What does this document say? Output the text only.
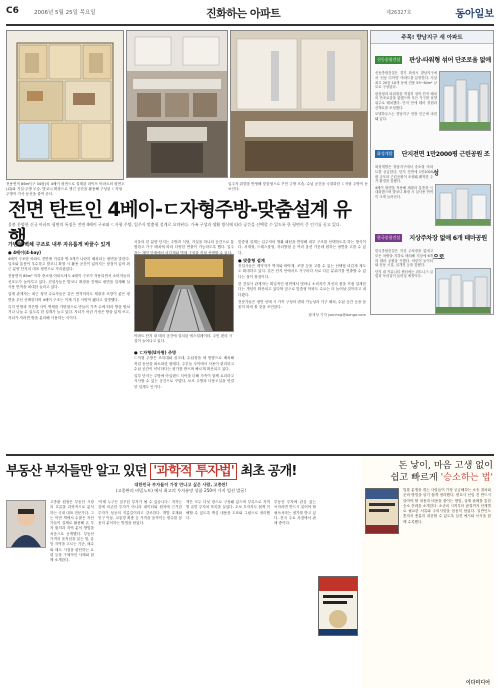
C6	2006년 5월 25일 목요일	진화하는 아파트	제26327호	동아일보
전용면적 86m²(구 34평)의 4베이 평면으로 설계된 라이프 아파트의 평면도(위)와 거실·주방 모습. 발코니 확장으로 생긴 공간을 활용해 구성된 ㄷ자형 주방이 가사 동선을 줄여 준다.
입주자 취향을 반영해 맞춤형으로 꾸민 주방 모습. 수납 공간을 극대화한 ㄷ자형 주방이 돋보인다.
아파트 단지 내 테마 공간에 설치된 에스컬레이터. 주민 편의 시설이 늘어나고 있다.
전면 탄트인 4베이-ㄷ자형주방-맞춤설계 유행
올봄 분양한 신규 아파트 평면의 특징은 전면 4베이 구조와 ㄷ자형 주방, 입주자 맞춤형 설계로 요약된다. 가족 구성과 생활 방식에 따라 공간을 선택할 수 있도록 한 평면이 큰 인기를 끌고 있다.
가변형 벽체 구조로 내부 자유롭게 바꿀수 있게
● 4베이(4-bay)

4베이 구조란 아파트 전면에 거실과 방 3개가 나란히 배치되는 평면을 말한다. 일조와 통풍이 우수하고 발코니 확장 시 활용 공간이 넓어지는 장점이 있어 최근 분양 단지의 대표 평면으로 자리잡았다.

전용면적 85m² 이하 중소형 아파트에도 4베이 구조가 적용되면서 소비자들의 선호도가 높아지고 있다. 건설사들은 발코니 확장을 전제로 평면을 설계해 실사용 면적을 최대한 늘리고 있다.

업계 관계자는 최근 청약 수요자들은 같은 면적이라도 채광과 조망이 좋은 평면을 우선 선택한다며 4베이 구조는 이제 기본 사양이 됐다고 설명했다.

특히 안방과 작은방 사이 벽체를 가변형으로 만들어 가족 수에 따라 방을 합치거나 나눌 수 있도록 한 설계가 늘고 있다. 자녀가 어린 가정은 방을 넓게 쓰고, 자녀가 자라면 방을 분리해 사용하는 식이다.

서울의 한 분양 단지는 주방과 식당, 거실을 하나의 공간으로 통합하고 가구 배치에 따라 다양한 연출이 가능하도록 했다. 입주자는 계약 단계에서 마감재와 벽체 구성을 직접 선택할 수 있다.

● ㄷ자형(U자형) 주방

ㄷ자형 주방은 조리대와 싱크대, 수납장을 세 방향으로 배치해 작업 동선을 최소화한 형태다. 주부들 사이에서 사용이 편리하고 수납 공간이 넉넉하다는 평가를 받으며 빠르게 확산되고 있다.

일부 단지는 주방에 아일랜드 식탁을 더해 가족이 함께 요리하고 식사할 수 있는 공간으로 꾸몄다. 보조 주방과 다용도실을 연결한 설계도 인기다.

맞춤형 설계는 입주자의 생활 패턴을 반영해 내부 구조를 선택하도록 하는 방식이다. 서재형, 드레스룸형, 자녀방형 등 여러 옵션 가운데 원하는 평면을 고를 수 있다.

● 맞춤형 설계

건설사들은 계약자가 벽지와 바닥재, 조명 등을 고를 수 있는 선택형 마감재 제도도 확대하고 있다. 같은 단지 안에서도 가구마다 서로 다른 분위기를 연출할 수 있다는 점이 장점이다.

한 건설사 관계자는 획일적인 평면에서 벗어나 소비자가 자신의 집을 직접 설계한다는 개념이 확산되고 있다며 앞으로 맞춤형 아파트 수요는 더 늘어날 것이라고 내다봤다.

전문가들은 평면 선택 시 가족 구성의 변화 가능성과 가구 배치, 수납 공간 등을 꼼꼼히 따져 볼 것을 조언한다.

황재성 기자 jsonhng@donga.com

주목! 향남지구 새 아파트
신동종합건설 판상-타워형 섞어 단조로움 없애

신동종합건설은 경기 화성시 향남지구에서 '신동 디아망' 아파트를 분양한다. 지상 최고 20층 10개 동에 전용 59~84m² 규모로 구성된다.

판상형과 타워형을 적절히 섞어 단지 배치의 단조로움을 없앴으며 모든 가구를 남향 위주로 배치했다. 단지 안에 테마 정원과 산책로를 조성했다.

모델하우스는 향남지구 현장 인근에 마련돼 있다.

화성개발 단지전면 1만2000평 근린공원 조성

화성개발은 향남지구에서 중소형 아파트를 공급한다. 단지 전면에 1만2000평 규모의 근린공원이 조성돼 쾌적한 주거 환경을 갖췄다.

4베이 평면을 적용해 채광과 통풍을 극대화했으며 발코니 확장 시 실사용 면적이 크게 늘어난다.

한국종합건설 지상주차장 없애 6개 테마공원으로

한국종합건설은 지상 주차장을 없애고 모든 차량을 지하로 배치해 지상에 6개의 테마 공원을 꾸몄다. 어린이 놀이터와 운동 시설, 실개천 등을 갖췄다.

단지 내 커뮤니티 센터에는 피트니스 클럽과 독서실이 들어설 예정이다.

부동산 부자들만 알고 있던 '과학적 투자법' 최초 공개!
대한민국 부자들이 가장 만나고 싶은 사람, 고종완!
(고종완의 비밀노트) 에서 최고의 투자유망 상품 250여 가지 엄선 발굴!
고종완 원장은 부동산 시장의 흐름을 과학적으로 분석하는 국내 대표 전문가다. 그는 이번 책에서 수많은 자산가들이 실제로 활용해 온 투자 원칙과 지역 분석 방법을 처음으로 공개했다. 부동산 가격의 움직임을 읽는 법, 유망 지역을 고르는 기준, 매수와 매도 시점을 판단하는 요령 등을 구체적인 사례와 함께 소개한다.
'이제 누구든 꿈꾸던 부자가 될 수 있습니다.' 저자는 감에 의존한 투자가 아니라 데이터와 원칙에 근거한 투자가 성공의 지름길이라고 강조한다. 개발 호재와 인구 이동, 교통망 확충 등 가격을 움직이는 변수를 꼼꼼히 분석하는 방법을 담았다.
책은 모두 다섯 장으로 구성돼 있으며 부록으로 지역별 유망 투자처 목록을 실었다. 초보 투자자도 쉽게 이해할 수 있도록 핵심 내용을 도표와 그림으로 정리했다.
부동산 투자에 관심 있는 독자라면 반드시 읽어야 할 필독서라는 평가를 받고 있다. 전국 주요 서점에서 판매 중이다.
돈 낳이, 마음 고생 없이
쉽고 빠르게 '승소하는 법'
법률 분쟁을 겪는 사람들이 가장 궁금해하는 소송 절차와 준비 방법을 알기 쉽게 정리했다. 변호사 선임 전 반드시 알아야 할 내용과 비용을 줄이는 방법, 실제 판례를 통한 승소 전략을 소개한다. 소송의 시작부터 판결까지 단계별로 필요한 서류와 주의사항을 꼼꼼히 담았다. 일반인도 혼자서 충분히 대응할 수 있도록 실전 예시와 서식을 함께 수록했다.
이다미디어
